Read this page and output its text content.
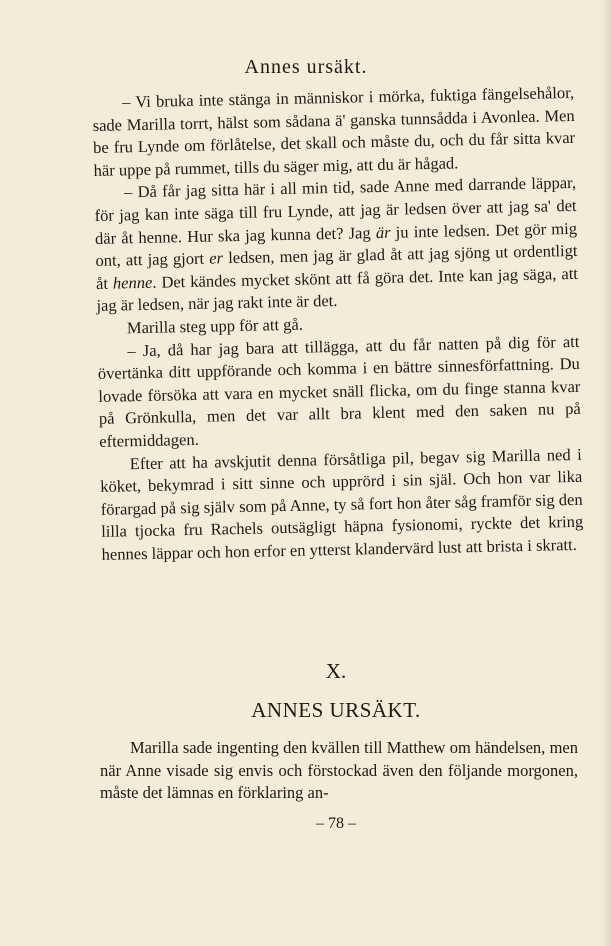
Annes ursäkt.

– Vi bruka inte stänga in människor i mörka, fuktiga fängelsehålor, sade Marilla torrt, hälst som sådana ä' ganska tunnsådda i Avonlea. Men be fru Lynde om förlåtelse, det skall och måste du, och du får sitta kvar här uppe på rummet, tills du säger mig, att du är hågad.

– Då får jag sitta här i all min tid, sade Anne med darrande läppar, för jag kan inte säga till fru Lynde, att jag är ledsen över att jag sa' det där åt henne. Hur ska jag kunna det? Jag är ju inte ledsen. Det gör mig ont, att jag gjort er ledsen, men jag är glad åt att jag sjöng ut ordentligt åt henne. Det kändes mycket skönt att få göra det. Inte kan jag säga, att jag är ledsen, när jag rakt inte är det.

Marilla steg upp för att gå.

– Ja, då har jag bara att tillägga, att du får natten på dig för att övertänka ditt uppförande och komma i en bättre sinnesförfattning. Du lovade försöka att vara en mycket snäll flicka, om du finge stanna kvar på Grönkulla, men det var allt bra klent med den saken nu på eftermiddagen.

Efter att ha avskjutit denna försåtliga pil, begav sig Marilla ned i köket, bekymrad i sitt sinne och upprörd i sin själ. Och hon var lika förargad på sig själv som på Anne, ty så fort hon åter såg framför sig den lilla tjocka fru Rachels outsägligt häpna fysionomi, ryckte det kring hennes läppar och hon erfor en ytterst klandervärd lust att brista i skratt.

X.
ANNES URSÄKT.

Marilla sade ingenting den kvällen till Matthew om händelsen, men när Anne visade sig envis och förstockad även den följande morgonen, måste det lämnas en förklaring an-

– 78 –
